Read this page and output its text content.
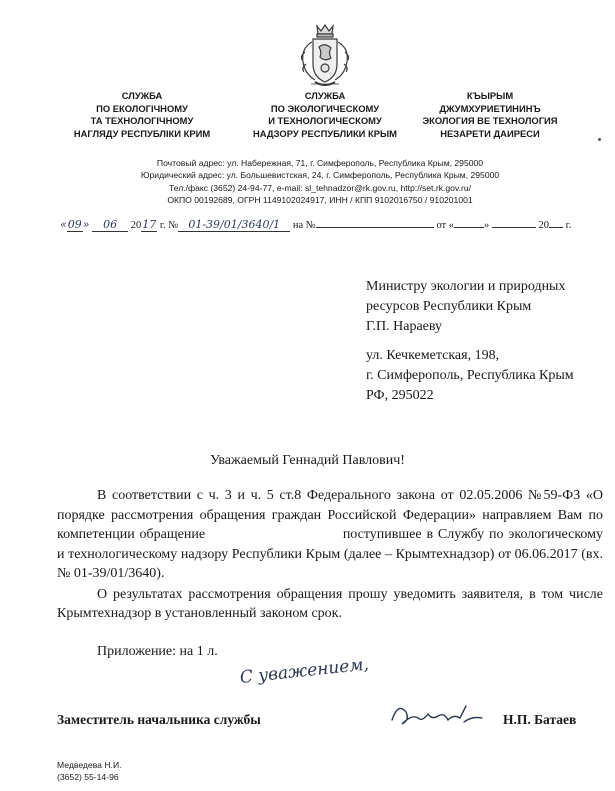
СЛУЖБА
ПО ЕКОЛОГІЧНОМУ
ТА ТЕХНОЛОГІЧНОМУ
НАГЛЯДУ РЕСПУБЛІКИ КРИМ
СЛУЖБА
ПО ЭКОЛОГИЧЕСКОМУ
И ТЕХНОЛОГИЧЕСКОМУ
НАДЗОРУ РЕСПУБЛИКИ КРЫМ
КЪЫРЫМ
ДЖУМХУРИЕТИНИНЪ
ЭКОЛОГИЯ ВЕ ТЕХНОЛОГИЯ
НЕЗАРЕТИ ДАИРЕСИ
Почтовый адрес: ул. Набережная, 71, г. Симферополь, Республика Крым, 295000
Юридический адрес: ул. Большевистская, 24, г. Симферополь, Республика Крым, 295000
Тел./факс (3652) 24-94-77, e-mail: sl_tehnadzor@rk.gov.ru, http://set.rk.gov.ru/
ОКПО 00192689, ОГРН 1149102024917, ИНН / КПП 9102016750 / 910201001
«09» 06 2017 г. № 01-39/01/3640/1 на №	от «	»	20 г.
Министру экологии и природных
ресурсов Республики Крым
Г.П. Нараеву
ул. Кечкеметская, 198,
г. Симферополь, Республика Крым
РФ, 295022
Уважаемый Геннадий Павлович!

В соответствии с ч. 3 и ч. 5 ст.8 Федерального закона от 02.05.2006 №59-ФЗ «О порядке рассмотрения обращения граждан Российской Федерации» направляем Вам по компетенции обращение	поступившее в Службу по экологическому и технологическому надзору Республики Крым (далее – Крымтехнадзор) от 06.06.2017 (вх. № 01-39/01/3640).

О результатах рассмотрения обращения прошу уведомить заявителя, в том числе Крымтехнадзор в установленный законом срок.

Приложение: на 1 л.
С уважением,
Заместитель начальника службы	Н.П. Батаев
Медведева Н.И.
(3652) 55-14-96
